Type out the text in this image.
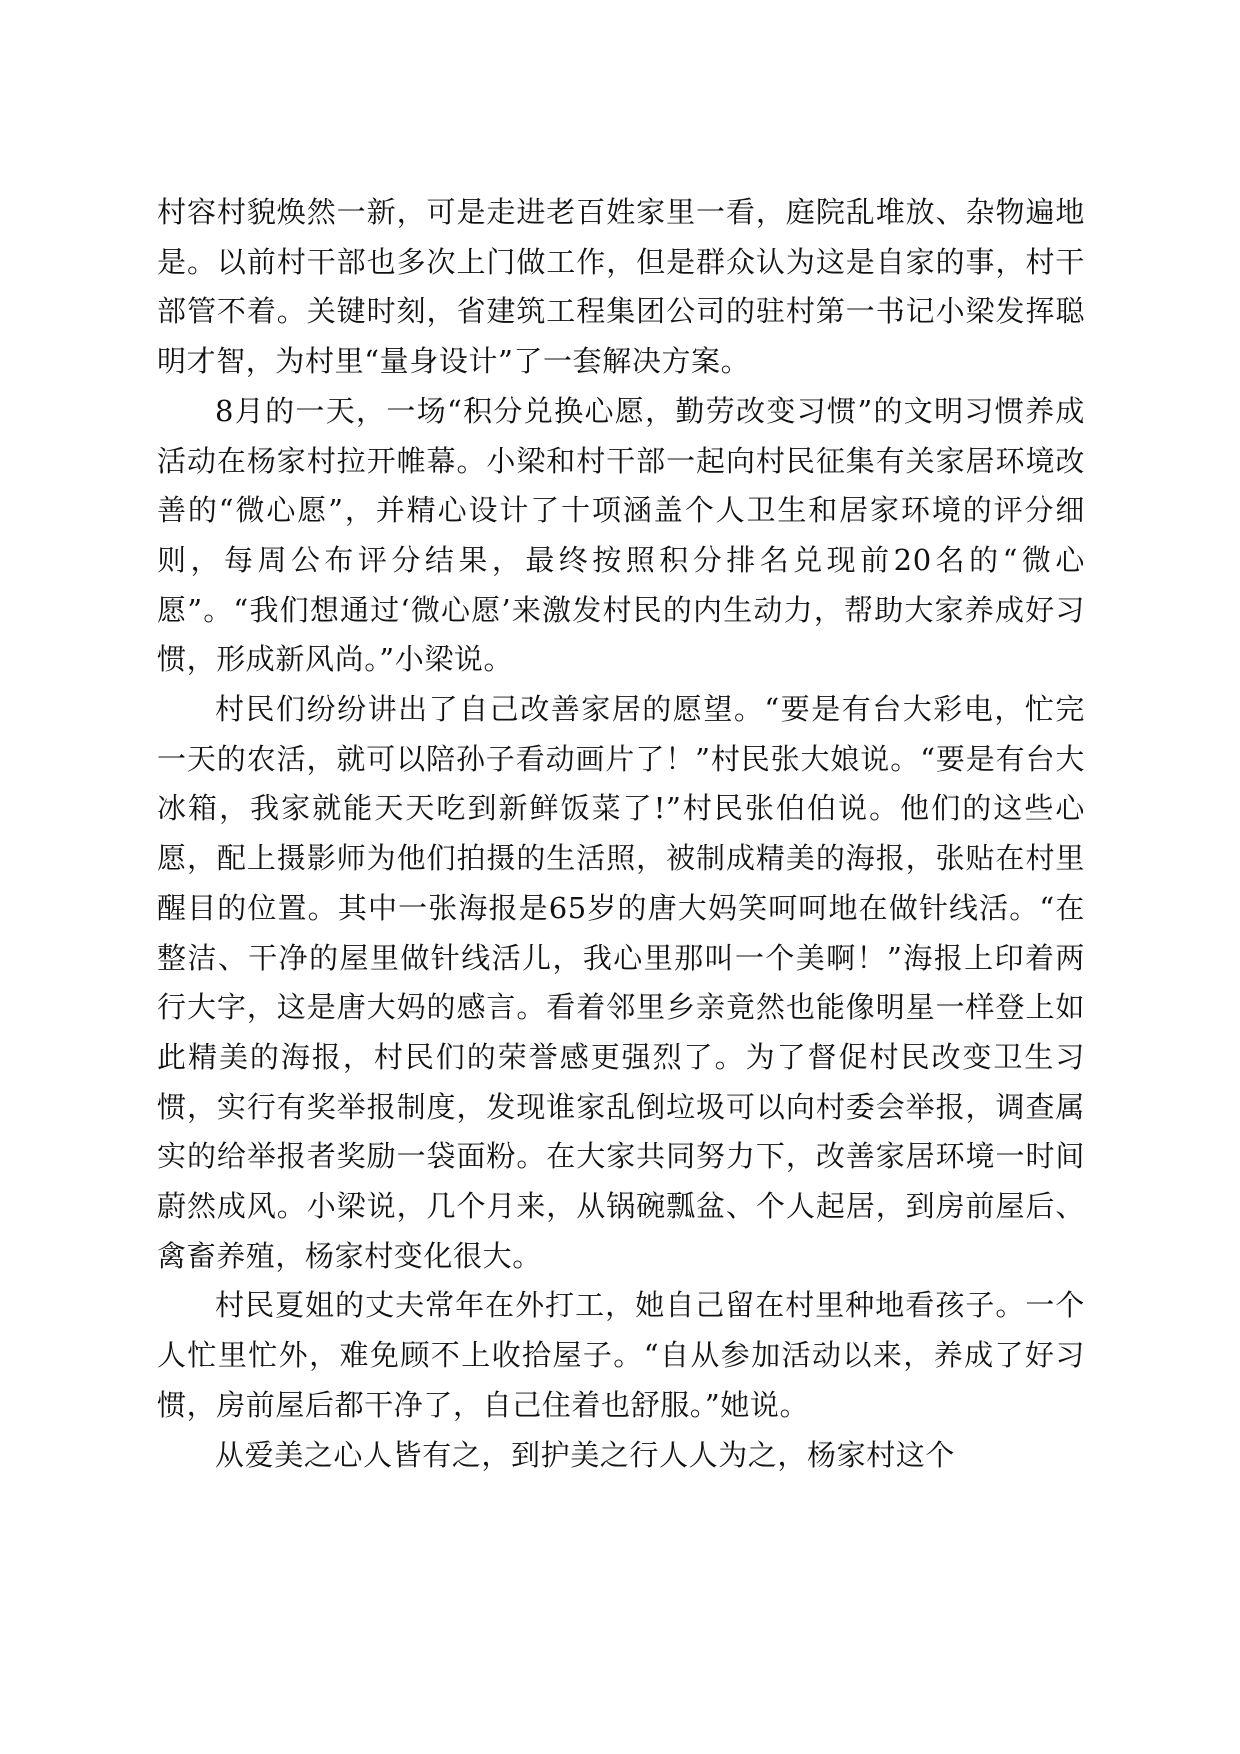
村容村貌焕然一新，可是走进老百姓家里一看，庭院乱堆放、杂物遍地是。以前村干部也多次上门做工作，但是群众认为这是自家的事，村干部管不着。关键时刻，省建筑工程集团公司的驻村第一书记小梁发挥聪明才智，为村里“量身设计”了一套解决方案。

8月的一天，一场“积分兑换心愿，勤劳改变习惯”的文明习惯养成活动在杨家村拉开帷幕。小梁和村干部一起向村民征集有关家居环境改善的“微心愿”，并精心设计了十项涵盖个人卫生和居家环境的评分细则，每周公布评分结果，最终按照积分排名兑现前20名的“微心愿”。“我们想通过‘微心愿’来激发村民的内生动力，帮助大家养成好习惯，形成新风尚。”小梁说。

村民们纷纷讲出了自己改善家居的愿望。“要是有台大彩电，忙完一天的农活，就可以陪孙子看动画片了！”村民张大娘说。“要是有台大冰箱，我家就能天天吃到新鲜饭菜了!”村民张伯伯说。他们的这些心愿，配上摄影师为他们拍摄的生活照，被制成精美的海报，张贴在村里醒目的位置。其中一张海报是65岁的唐大妈笑呵呵地在做针线活。“在整洁、干净的屋里做针线活儿，我心里那叫一个美啊！”海报上印着两行大字，这是唐大妈的感言。看着邻里乡亲竟然也能像明星一样登上如此精美的海报，村民们的荣誉感更强烈了。为了督促村民改变卫生习惯，实行有奖举报制度，发现谁家乱倒垃圾可以向村委会举报，调查属实的给举报者奖励一袋面粉。在大家共同努力下，改善家居环境一时间蔚然成风。小梁说，几个月来，从锅碗瓢盆、个人起居，到房前屋后、禽畜养殖，杨家村变化很大。

村民夏姐的丈夫常年在外打工，她自己留在村里种地看孩子。一个人忙里忙外，难免顾不上收拾屋子。“自从参加活动以来，养成了好习惯，房前屋后都干净了，自己住着也舒服。”她说。

从爱美之心人皆有之，到护美之行人人为之，杨家村这个
